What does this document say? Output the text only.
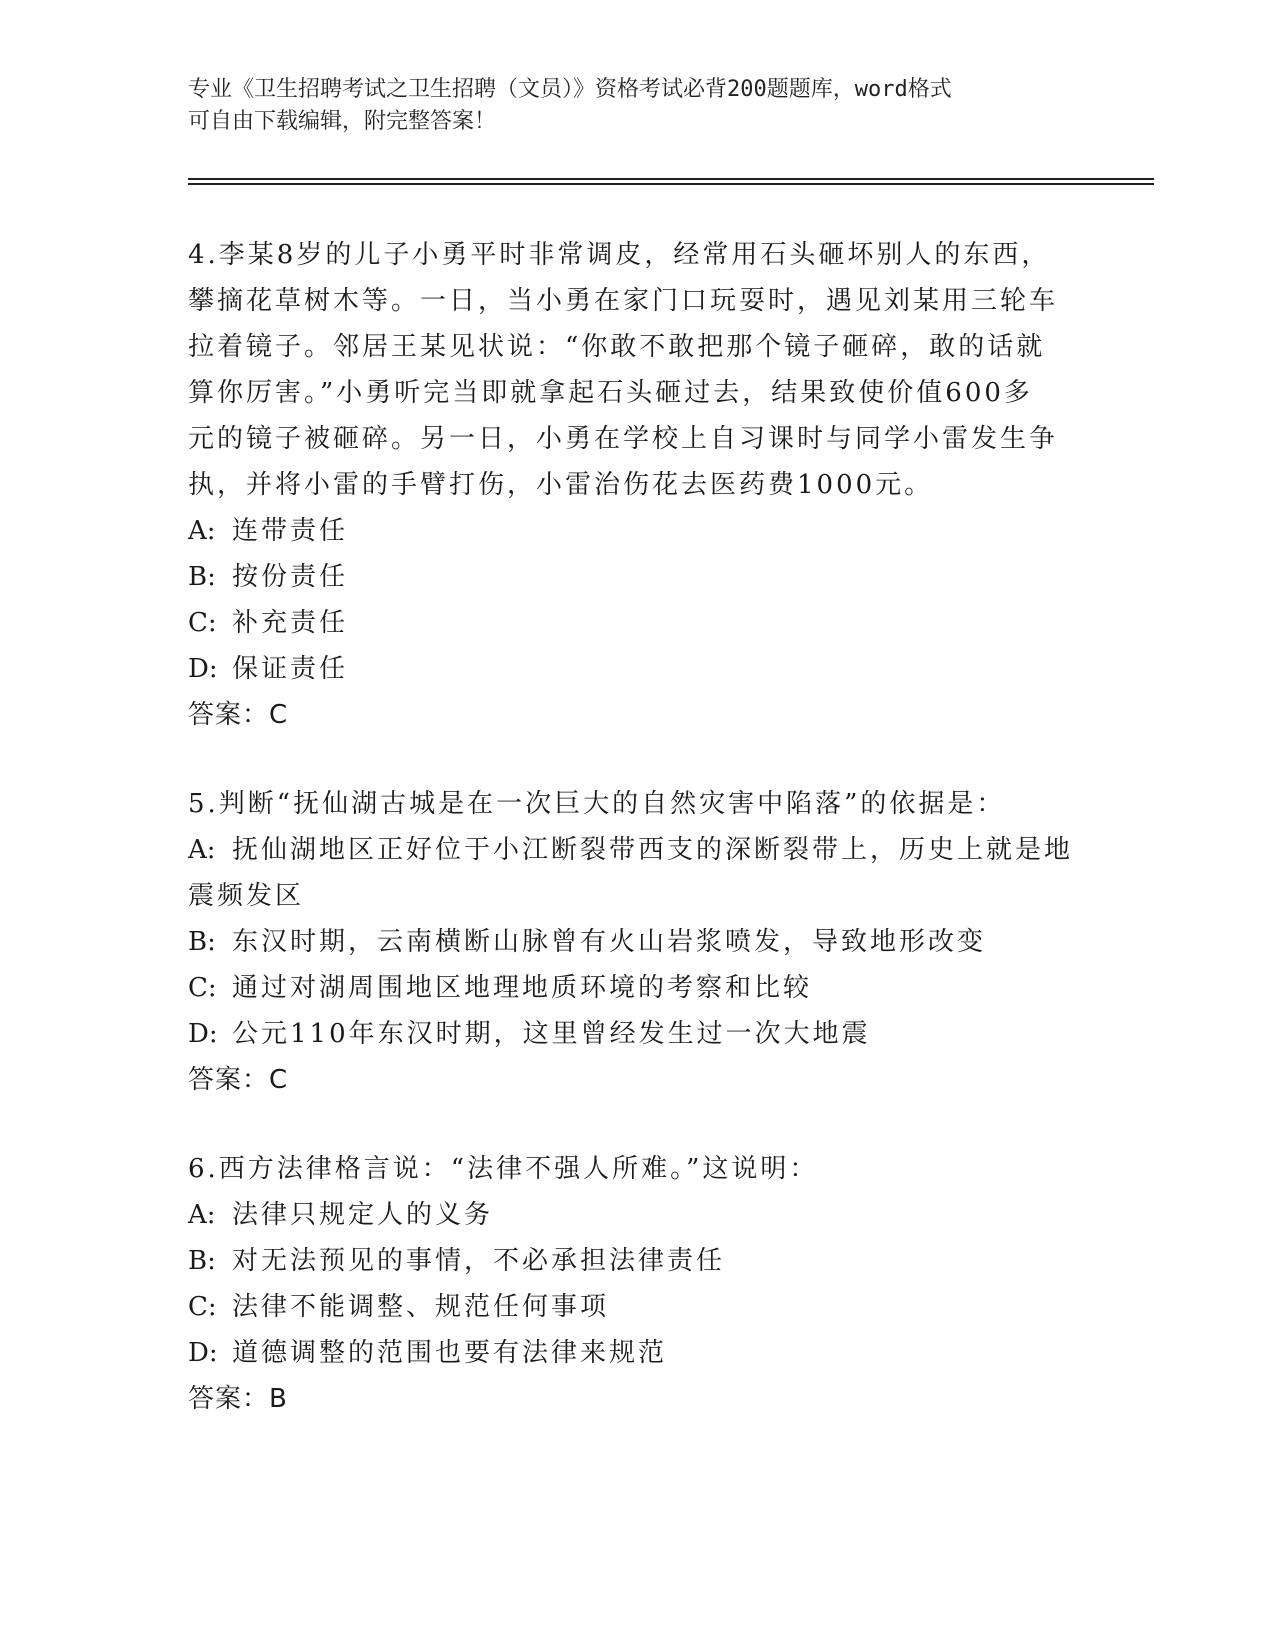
专业《卫生招聘考试之卫生招聘（文员）》资格考试必背200题题库，word格式

可自由下载编辑，附完整答案！

4.李某8岁的儿子小勇平时非常调皮，经常用石头砸坏别人的东西，

攀摘花草树木等。一日，当小勇在家门口玩耍时，遇见刘某用三轮车

拉着镜子。邻居王某见状说：“你敢不敢把那个镜子砸碎，敢的话就

算你厉害。”小勇听完当即就拿起石头砸过去，结果致使价值600多

元的镜子被砸碎。另一日，小勇在学校上自习课时与同学小雷发生争

执，并将小雷的手臂打伤，小雷治伤花去医药费1000元。

A: 连带责任

B: 按份责任

C: 补充责任

D: 保证责任

答案：C

5.判断“抚仙湖古城是在一次巨大的自然灾害中陷落”的依据是：

A: 抚仙湖地区正好位于小江断裂带西支的深断裂带上，历史上就是地

震频发区

B: 东汉时期，云南横断山脉曾有火山岩浆喷发，导致地形改变

C: 通过对湖周围地区地理地质环境的考察和比较

D: 公元110年东汉时期，这里曾经发生过一次大地震

答案：C

6.西方法律格言说：“法律不强人所难。”这说明：

A: 法律只规定人的义务

B: 对无法预见的事情，不必承担法律责任

C: 法律不能调整、规范任何事项

D: 道德调整的范围也要有法律来规范

答案：B
